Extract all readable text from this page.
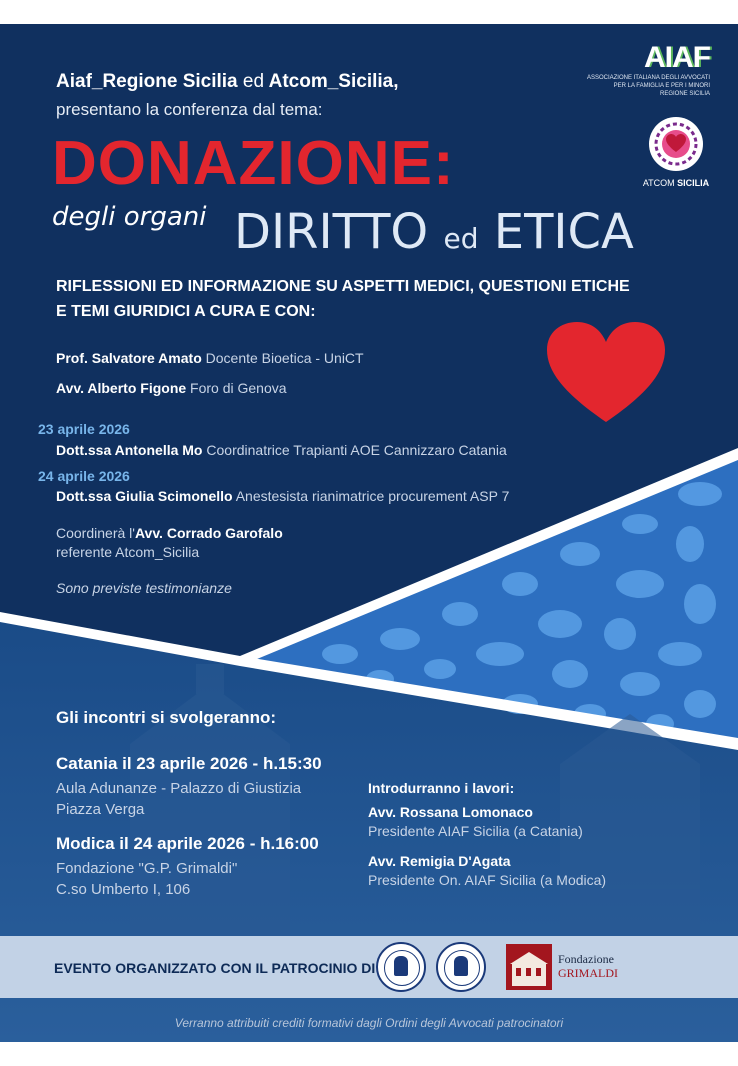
AIAF
ASSOCIAZIONE ITALIANA DEGLI AVVOCATI
PER LA FAMIGLIA E PER I MINORI
REGIONE SICILIA
ATCOM SICILIA
Aiaf_Regione Sicilia ed Atcom_Sicilia,
presentano la conferenza dal tema:
DONAZIONE:
degli organi DIRITTO ed ETICA
RIFLESSIONI ED INFORMAZIONE SU ASPETTI MEDICI, QUESTIONI ETICHE
E TEMI GIURIDICI A CURA E CON:
Prof. Salvatore Amato Docente Bioetica - UniCT
Avv. Alberto Figone Foro di Genova
23 aprile 2026
Dott.ssa Antonella Mo Coordinatrice Trapianti AOE Cannizzaro Catania
24 aprile 2026
Dott.ssa Giulia Scimonello Anestesista rianimatrice procurement ASP 7
Coordinerà l'Avv. Corrado Garofalo
referente Atcom_Sicilia
Sono previste testimonianze
Gli incontri si svolgeranno:
Catania il 23 aprile 2026 - h.15:30
Aula Adunanze - Palazzo di Giustizia
Piazza Verga
Modica il 24 aprile 2026 - h.16:00
Fondazione "G.P. Grimaldi"
C.so Umberto I, 106
Introdurranno i lavori:
Avv. Rossana Lomonaco
Presidente AIAF Sicilia (a Catania)
Avv. Remigia D'Agata
Presidente On. AIAF Sicilia (a Modica)
EVENTO ORGANIZZATO CON IL PATROCINIO DI
Fondazione
GRIMALDI
Verranno attribuiti crediti formativi dagli Ordini degli Avvocati patrocinatori
